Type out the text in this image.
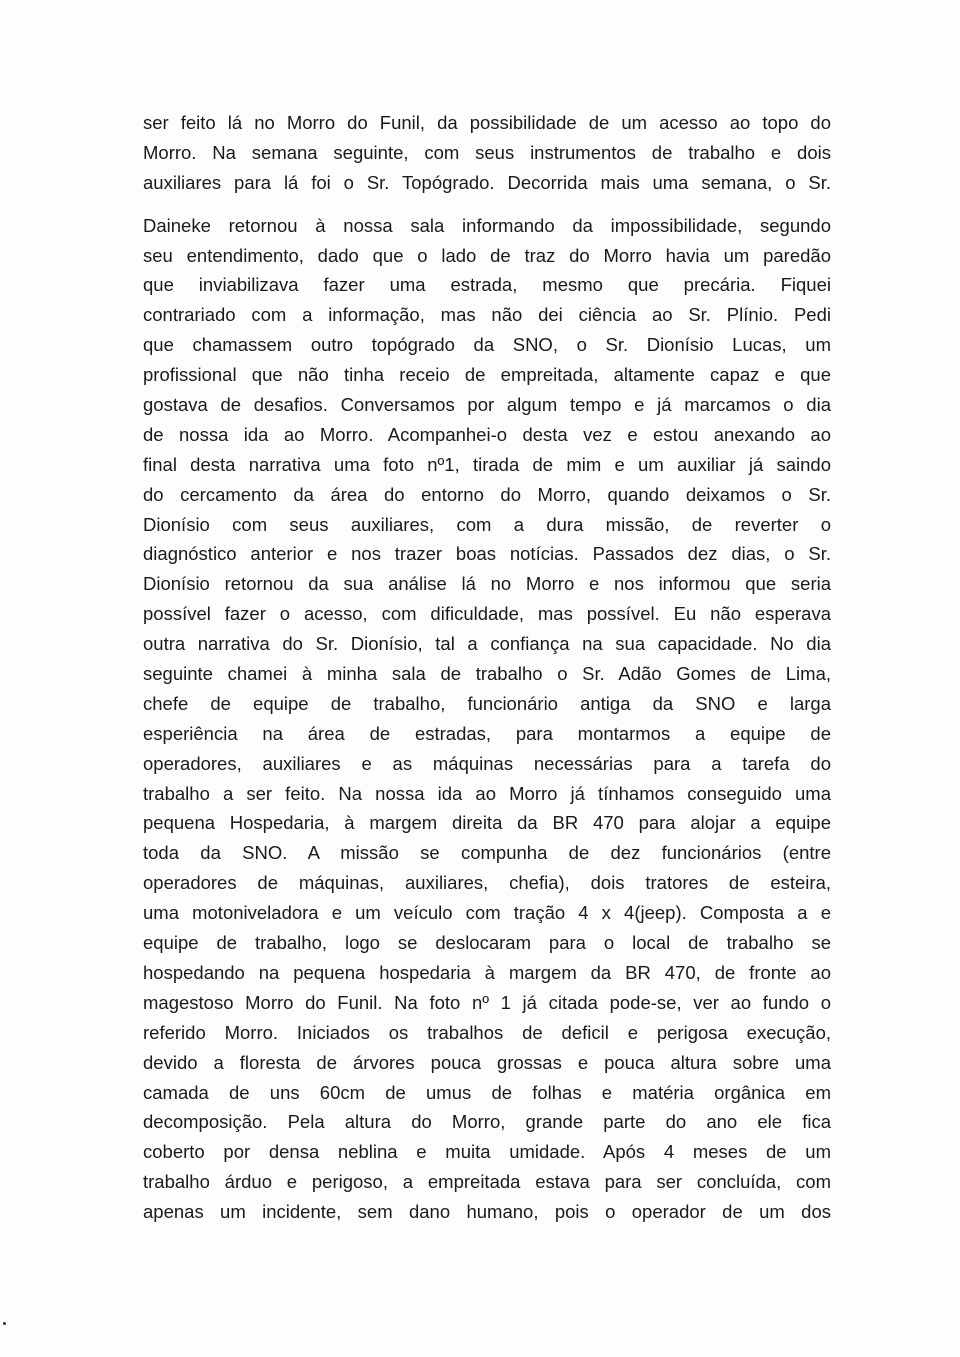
ser feito lá no Morro do Funil, da possibilidade de um acesso ao topo do
Morro. Na semana seguinte, com seus instrumentos de trabalho e dois
auxiliares para lá foi o Sr. Topógrado. Decorrida mais uma semana, o Sr.
Daineke retornou à nossa sala informando da impossibilidade, segundo
seu entendimento, dado que o lado de traz do Morro havia um paredão
que inviabilizava fazer uma estrada, mesmo que precária. Fiquei
contrariado com a informação, mas não dei ciência ao Sr. Plínio. Pedi
que chamassem outro topógrado da SNO, o Sr. Dionísio Lucas, um
profissional que não tinha receio de empreitada, altamente capaz e que
gostava de desafios. Conversamos por algum tempo e já marcamos o dia
de nossa ida ao Morro. Acompanhei-o desta vez e estou anexando ao
final desta narrativa uma foto nº1, tirada de mim e um auxiliar já saindo
do cercamento da área do entorno do Morro, quando deixamos o Sr.
Dionísio com seus auxiliares, com a dura missão, de reverter o
diagnóstico anterior e nos trazer boas notícias. Passados dez dias, o Sr.
Dionísio retornou da sua análise lá no Morro e nos informou que seria
possível fazer o acesso, com dificuldade, mas possível. Eu não esperava
outra narrativa do Sr. Dionísio, tal a confiança na sua capacidade. No dia
seguinte chamei à minha sala de trabalho o Sr. Adão Gomes de Lima,
chefe de equipe de trabalho, funcionário antiga da SNO e larga
esperiência na área de estradas, para montarmos a equipe de
operadores, auxiliares e as máquinas necessárias para a tarefa do
trabalho a ser feito. Na nossa ida ao Morro já tínhamos conseguido uma
pequena Hospedaria, à margem direita da BR 470 para alojar a equipe
toda da SNO. A missão se compunha de dez funcionários (entre
operadores de máquinas, auxiliares, chefia), dois tratores de esteira,
uma motoniveladora e um veículo com tração 4 x 4(jeep). Composta a e
equipe de trabalho, logo se deslocaram para o local de trabalho se
hospedando na pequena hospedaria à margem da BR 470, de fronte ao
magestoso Morro do Funil. Na foto nº 1 já citada pode-se, ver ao fundo o
referido Morro. Iniciados os trabalhos de deficil e perigosa execução,
devido a floresta de árvores pouca grossas e pouca altura sobre uma
camada de uns 60cm de umus de folhas e matéria orgânica em
decomposição. Pela altura do Morro, grande parte do ano ele fica
coberto por densa neblina e muita umidade. Após 4 meses de um
trabalho árduo e perigoso, a empreitada estava para ser concluída, com
apenas um incidente, sem dano humano, pois o operador de um dos
